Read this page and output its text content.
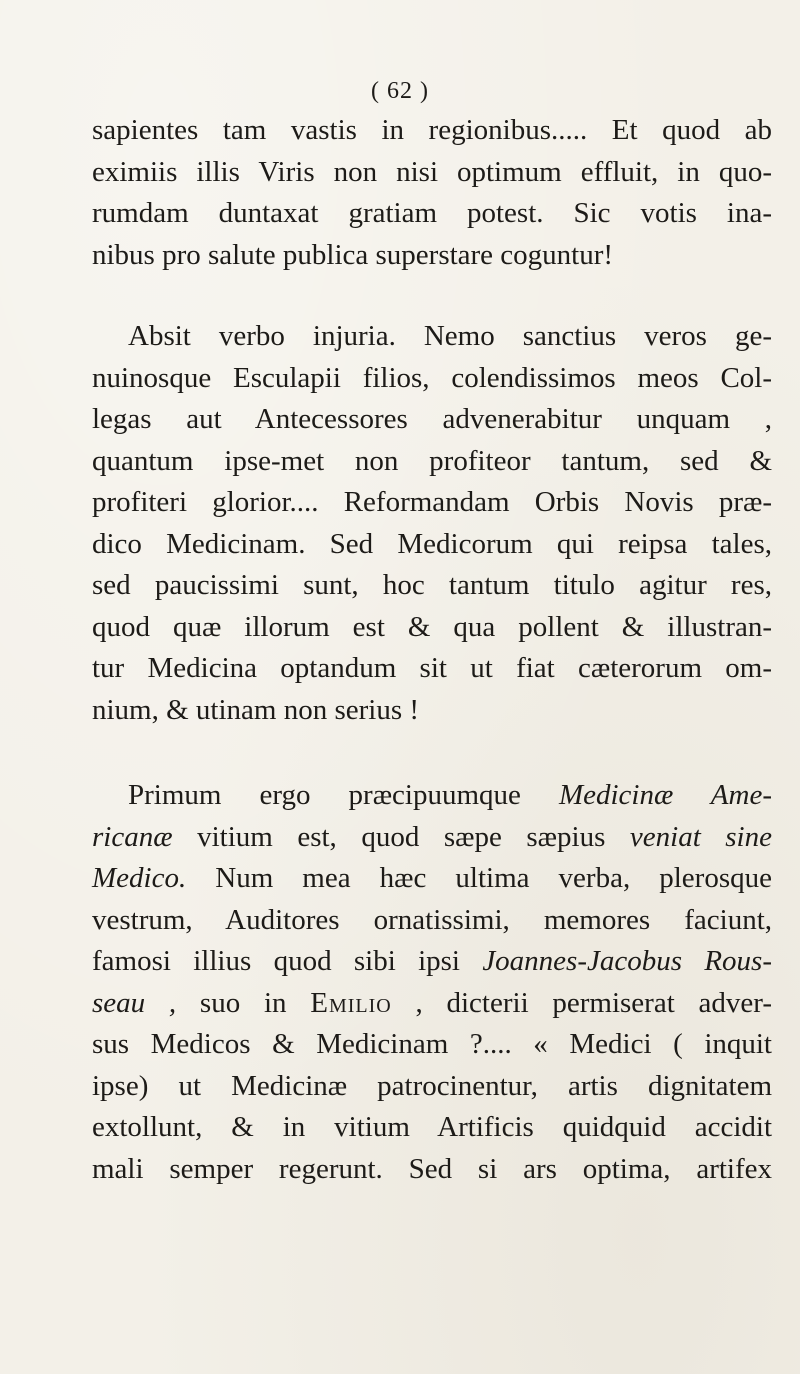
( 62 )
sapientes tam vastis in regionibus..... Et quod ab
eximiis illis Viris non nisi optimum effluit, in quo-
rumdam duntaxat gratiam potest. Sic votis ina-
nibus pro salute publica superstare coguntur!
Absit verbo injuria. Nemo sanctius veros ge-
nuinosque Esculapii filios, colendissimos meos Col-
legas aut Antecessores advenerabitur unquam ,
quantum ipse-met non profiteor tantum, sed &
profiteri glorior.... Reformandam Orbis Novis præ-
dico Medicinam. Sed Medicorum qui reipsa tales,
sed paucissimi sunt, hoc tantum titulo agitur res,
quod quæ illorum est & qua pollent & illustran-
tur Medicina optandum sit ut fiat cæterorum om-
nium, & utinam non serius !
Primum ergo præcipuumque Medicinæ Ame-
ricanæ vitium est, quod sæpe sæpius veniat sine
Medico. Num mea hæc ultima verba, plerosque
vestrum, Auditores ornatissimi, memores faciunt,
famosi illius quod sibi ipsi Joannes-Jacobus Rous-
seau , suo in Emilio , dicterii permiserat adver-
sus Medicos & Medicinam ?.... « Medici ( inquit
ipse) ut Medicinæ patrocinentur, artis dignitatem
extollunt, & in vitium Artificis quidquid accidit
mali semper regerunt. Sed si ars optima, artifex
